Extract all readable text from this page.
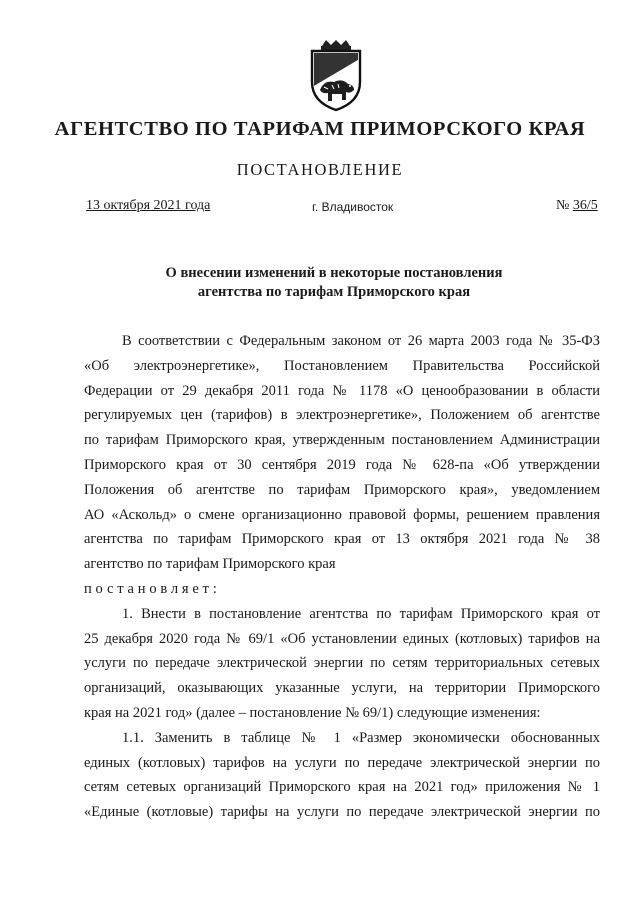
АГЕНТСТВО ПО ТАРИФАМ ПРИМОРСКОГО КРАЯ
ПОСТАНОВЛЕНИЕ
13 октября 2021 года	г. Владивосток	№ 36/5
О внесении изменений в некоторые постановления
агентства по тарифам Приморского края
В соответствии с Федеральным законом от 26 марта 2003 года № 35-ФЗ
«Об электроэнергетике», Постановлением Правительства Российской
Федерации от 29 декабря 2011 года № 1178 «О ценообразовании в области
регулируемых цен (тарифов) в электроэнергетике», Положением об агентстве
по тарифам Приморского края, утвержденным постановлением Администрации
Приморского края от 30 сентября 2019 года № 628-па «Об утверждении
Положения об агентстве по тарифам Приморского края», уведомлением
АО «Аскольд» о смене организационно правовой формы, решением правления
агентства по тарифам Приморского края от 13 октября 2021 года № 38
агентство по тарифам Приморского края
постановляет:
1. Внести в постановление агентства по тарифам Приморского края от
25 декабря 2020 года № 69/1 «Об установлении единых (котловых) тарифов на
услуги по передаче электрической энергии по сетям территориальных сетевых
организаций, оказывающих указанные услуги, на территории Приморского
края на 2021 год» (далее – постановление № 69/1) следующие изменения:
1.1. Заменить в таблице № 1 «Размер экономически обоснованных
единых (котловых) тарифов на услуги по передаче электрической энергии по
сетям сетевых организаций Приморского края на 2021 год» приложения № 1
«Единые (котловые) тарифы на услуги по передаче электрической энергии по
